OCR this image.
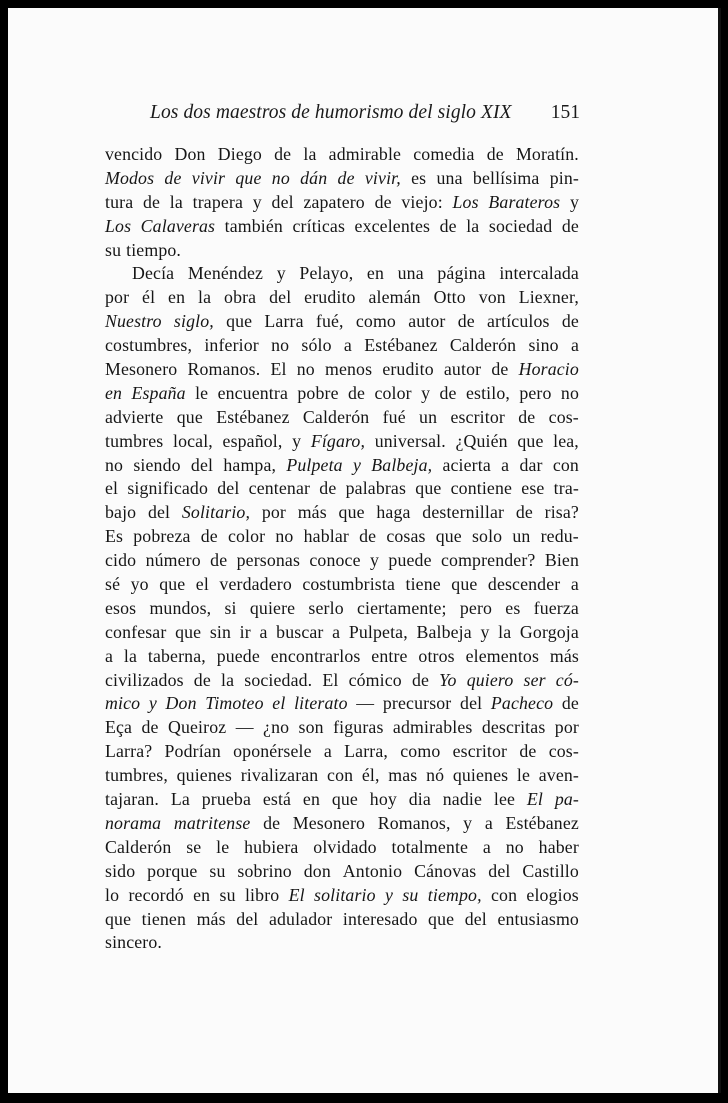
Los dos maestros de humorismo del siglo XIX 151
vencido Don Diego de la admirable comedia de Moratín.
Modos de vivir que no dán de vivir, es una bellísima pin-
tura de la trapera y del zapatero de viejo: Los Barateros y
Los Calaveras también críticas excelentes de la sociedad de
su tiempo.
Decía Menéndez y Pelayo, en una página intercalada
por él en la obra del erudito alemán Otto von Liexner,
Nuestro siglo, que Larra fué, como autor de artículos de
costumbres, inferior no sólo a Estébanez Calderón sino a
Mesonero Romanos. El no menos erudito autor de Horacio
en España le encuentra pobre de color y de estilo, pero no
advierte que Estébanez Calderón fué un escritor de cos-
tumbres local, español, y Fígaro, universal. ¿Quién que lea,
no siendo del hampa, Pulpeta y Balbeja, acierta a dar con
el significado del centenar de palabras que contiene ese tra-
bajo del Solitario, por más que haga desternillar de risa?
Es pobreza de color no hablar de cosas que solo un redu-
cido número de personas conoce y puede comprender? Bien
sé yo que el verdadero costumbrista tiene que descender a
esos mundos, si quiere serlo ciertamente; pero es fuerza
confesar que sin ir a buscar a Pulpeta, Balbeja y la Gorgoja
a la taberna, puede encontrarlos entre otros elementos más
civilizados de la sociedad. El cómico de Yo quiero ser có-
mico y Don Timoteo el literato — precursor del Pacheco de
Eça de Queiroz — ¿no son figuras admirables descritas por
Larra? Podrían oponérsele a Larra, como escritor de cos-
tumbres, quienes rivalizaran con él, mas nó quienes le aven-
tajaran. La prueba está en que hoy dia nadie lee El pa-
norama matritense de Mesonero Romanos, y a Estébanez
Calderón se le hubiera olvidado totalmente a no haber
sido porque su sobrino don Antonio Cánovas del Castillo
lo recordó en su libro El solitario y su tiempo, con elogios
que tienen más del adulador interesado que del entusiasmo
sincero.
